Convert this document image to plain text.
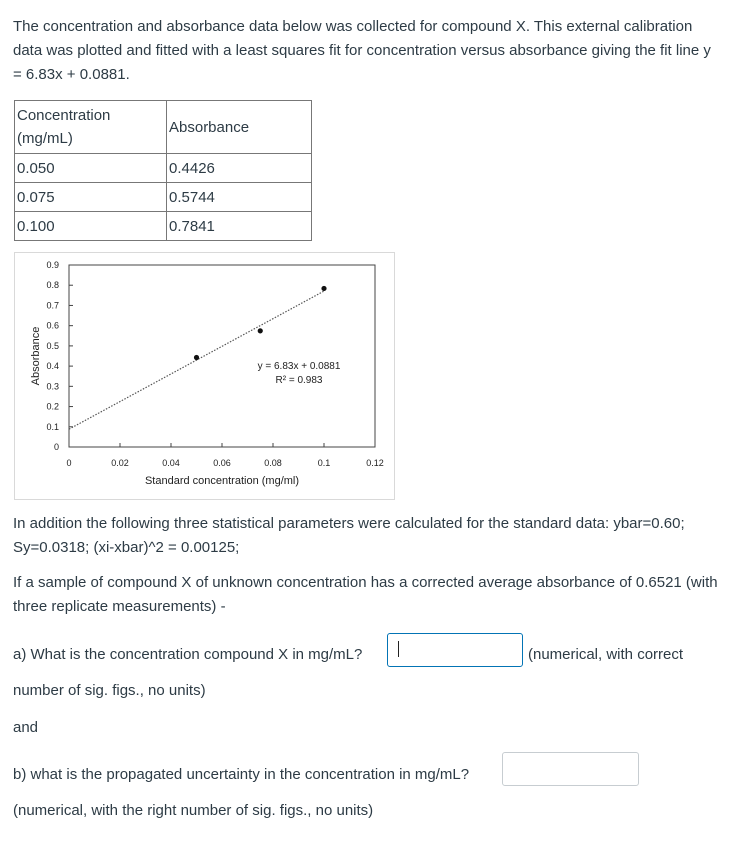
The concentration and absorbance data below was collected for compound X. This external calibration data was plotted and fitted with a least squares fit for concentration versus absorbance giving the fit line y = 6.83x + 0.0881.

Concentration (mg/mL)	Absorbance
0.050	0.4426
0.075	0.5744
0.100	0.7841
0
0.1
0.2
0.3
0.4
0.5
0.6
0.7
0.8
0.9
0	0.02	0.04	0.06	0.08	0.1	0.12
y = 6.83x + 0.0881
R² = 0.983
Standard concentration (mg/ml)
Absorbance

In addition the following three statistical parameters were calculated for the standard data: ybar=0.60; Sy=0.0318; (xi-xbar)^2 = 0.00125;

If a sample of compound X of unknown concentration has a corrected average absorbance of 0.6521 (with three replicate measurements) -

a) What is the concentration compound X in mg/mL?	(numerical, with correct
number of sig. figs., no units)
and
b) what is the propagated uncertainty in the concentration in mg/mL?
(numerical, with the right number of sig. figs., no units)
